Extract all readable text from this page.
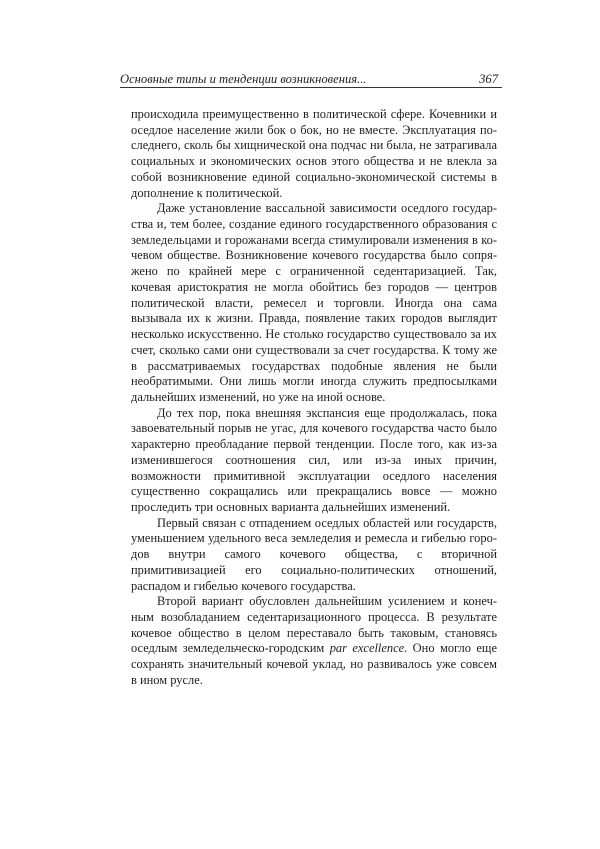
Основные типы и тенденции возникновения...	367

происходила преимущественно в политической сфере. Кочевники и оседлое население жили бок о бок, но не вместе. Эксплуатация последнего, сколь бы хищнической она подчас ни была, не затрагивала социальных и экономических основ этого общества и не влекла за собой возникновение единой социально-экономической системы в дополнение к политической.

Даже установление вассальной зависимости оседлого государства и, тем более, создание единого государственного образования с земледельцами и горожанами всегда стимулировали изменения в кочевом обществе. Возникновение кочевого государства было сопряжено по крайней мере с ограниченной седентаризацией. Так, кочевая аристократия не могла обойтись без городов — центров политической власти, ремесел и торговли. Иногда она сама вызывала их к жизни. Правда, появление таких городов выглядит несколько искусственно. Не столько государство существовало за их счет, сколько сами они существовали за счет государства. К тому же в рассматриваемых государствах подобные явления не были необратимыми. Они лишь могли иногда служить предпосылками дальнейших изменений, но уже на иной основе.

До тех пор, пока внешняя экспансия еще продолжалась, пока завоевательный порыв не угас, для кочевого государства часто было характерно преобладание первой тенденции. После того, как из-за изменившегося соотношения сил, или из-за иных причин, возможности примитивной эксплуатации оседлого населения существенно сокращались или прекращались вовсе — можно проследить три основных варианта дальнейших изменений.

Первый связан с отпадением оседлых областей или государств, уменьшением удельного веса земледелия и ремесла и гибелью городов внутри самого кочевого общества, с вторичной примитивизацией его социально-политических отношений, распадом и гибелью кочевого государства.

Второй вариант обусловлен дальнейшим усилением и конечным возобладанием седентаризационного процесса. В результате кочевое общество в целом переставало быть таковым, становясь оседлым земледельческо-городским par excellence. Оно могло еще сохранять значительный кочевой уклад, но развивалось уже совсем в ином русле.
